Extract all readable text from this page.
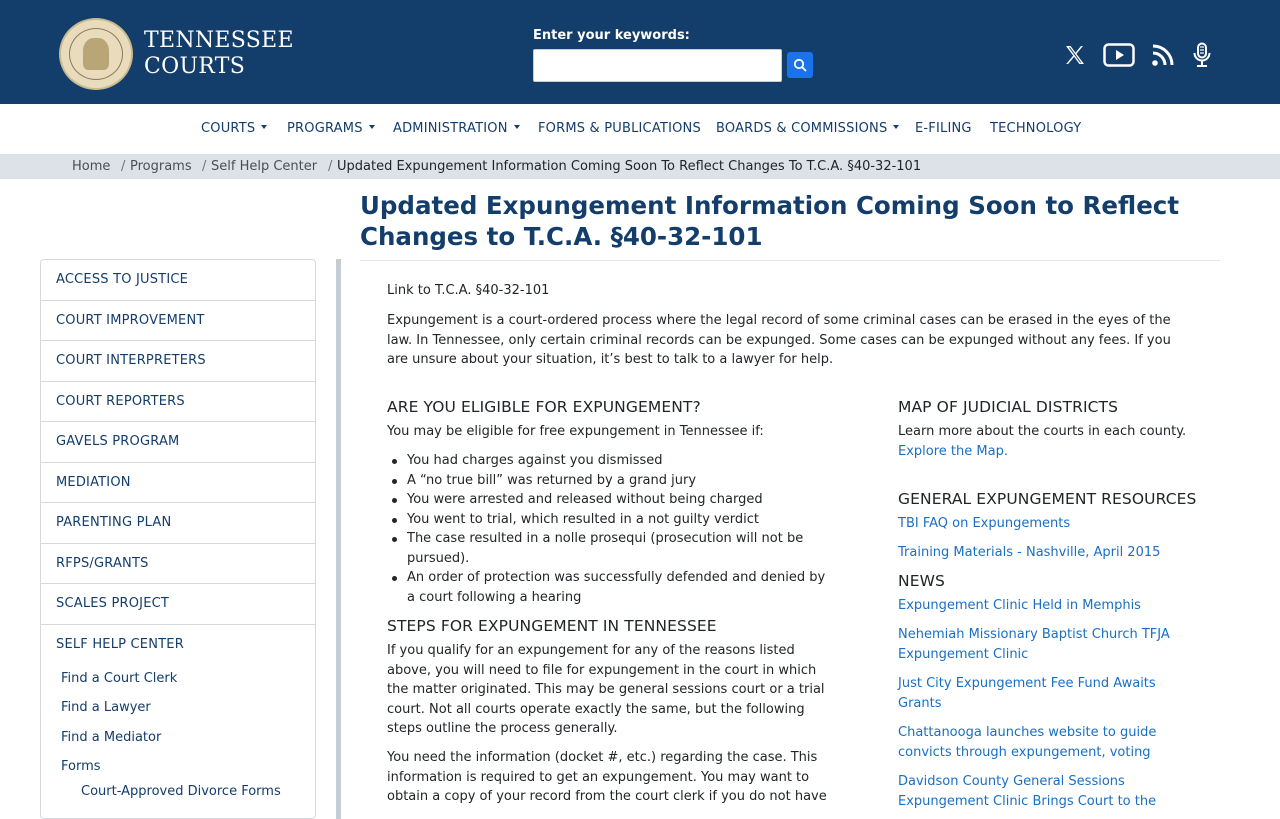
TENNESSEE
COURTS
Enter your keywords:
COURTS	PROGRAMS	ADMINISTRATION	FORMS & PUBLICATIONS BOARDS & COMMISSIONS	E-FILING TECHNOLOGY
Home / Programs / Self Help Center / Updated Expungement Information Coming Soon To Reflect Changes To T.C.A. §40-32-101
Updated Expungement Information Coming Soon to Reflect Changes to T.C.A. §40-32-101
ACCESS TO JUSTICE
COURT IMPROVEMENT
COURT INTERPRETERS
COURT REPORTERS
GAVELS PROGRAM
MEDIATION
PARENTING PLAN
RFPS/GRANTS
SCALES PROJECT
SELF HELP CENTER
Find a Court Clerk
Find a Lawyer
Find a Mediator
Forms
Court-Approved Divorce Forms
Link to T.C.A. §40-32-101
Expungement is a court-ordered process where the legal record of some criminal cases can be erased in the eyes of the law. In Tennessee, only certain criminal records can be expunged. Some cases can be expunged without any fees. If you are unsure about your situation, it’s best to talk to a lawyer for help.
ARE YOU ELIGIBLE FOR EXPUNGEMENT?
You may be eligible for free expungement in Tennessee if:
You had charges against you dismissed
A “no true bill” was returned by a grand jury
You were arrested and released without being charged
You went to trial, which resulted in a not guilty verdict
The case resulted in a nolle prosequi (prosecution will not be pursued).
An order of protection was successfully defended and denied by a court following a hearing
STEPS FOR EXPUNGEMENT IN TENNESSEE
If you qualify for an expungement for any of the reasons listed above, you will need to file for expungement in the court in which the matter originated. This may be general sessions court or a trial court. Not all courts operate exactly the same, but the following steps outline the process generally.
You need the information (docket #, etc.) regarding the case. This information is required to get an expungement. You may want to obtain a copy of your record from the court clerk if you do not have
MAP OF JUDICIAL DISTRICTS
Learn more about the courts in each county.
Explore the Map.
GENERAL EXPUNGEMENT RESOURCES
TBI FAQ on Expungements
Training Materials - Nashville, April 2015
NEWS
Expungement Clinic Held in Memphis
Nehemiah Missionary Baptist Church TFJA Expungement Clinic
Just City Expungement Fee Fund Awaits Grants
Chattanooga launches website to guide convicts through expungement, voting
Davidson County General Sessions Expungement Clinic Brings Court to the
